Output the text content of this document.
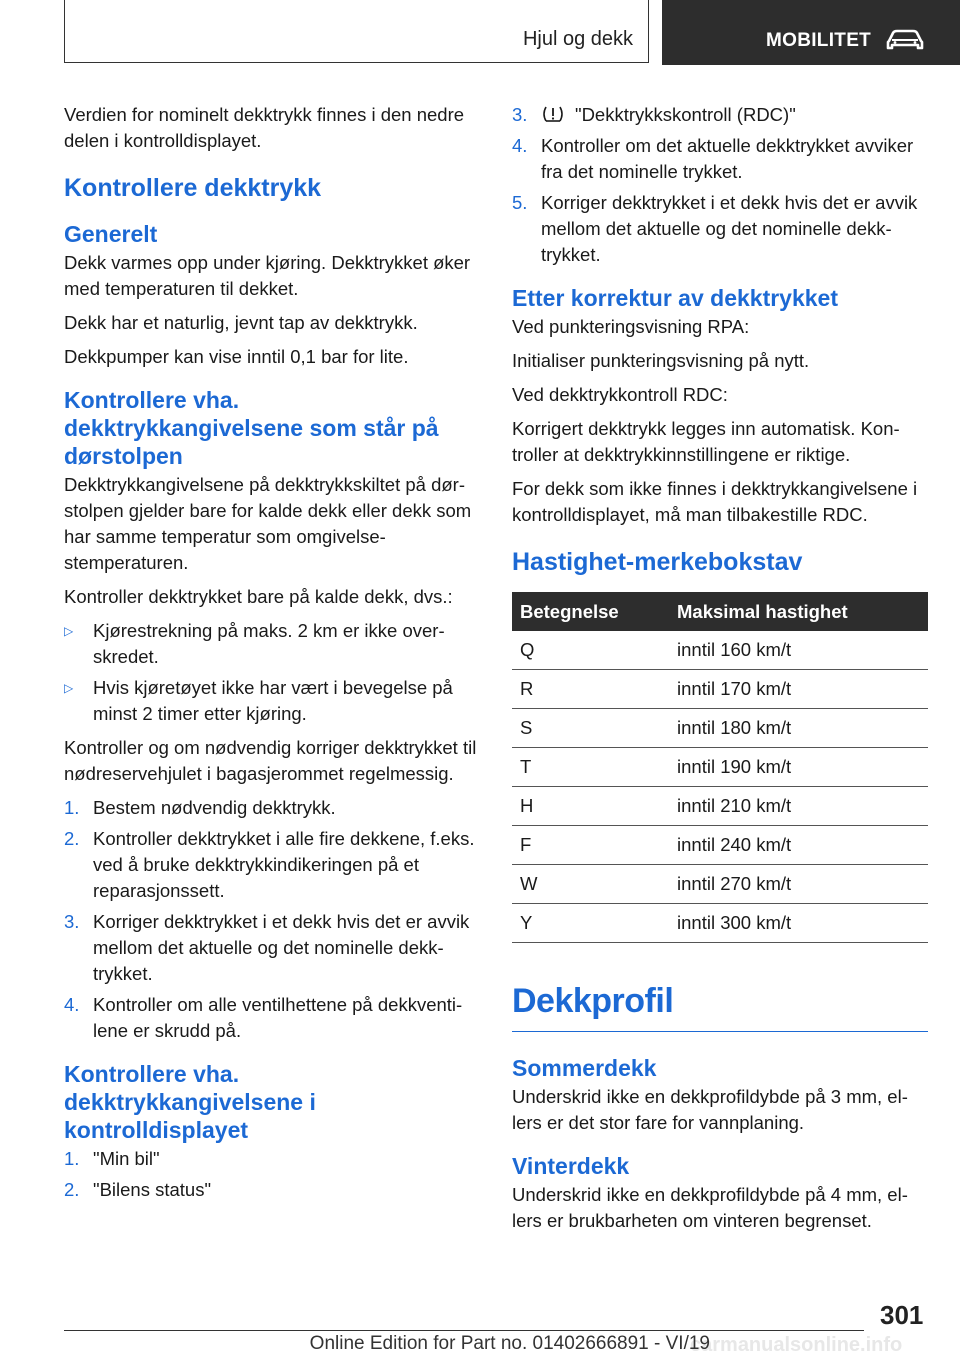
Hjul og dekk	MOBILITET

Verdien for nominelt dekktrykk finnes i den nedre delen i kontrolldisplayet.

Kontrollere dekktrykk
Generelt

Dekk varmes opp under kjøring. Dekktrykket øker med temperaturen til dekket.

Dekk har et naturlig, jevnt tap av dekktrykk.

Dekkpumper kan vise inntil 0,1 bar for lite.

Kontrollere vha. dekktrykkangivelsene som står på dørstolpen

Dekktrykkangivelsene på dekktrykkskiltet på dørstolpen gjelder bare for kalde dekk eller dekk som har samme temperatur som omgivelsestemperaturen.

Kontroller dekktrykket bare på kalde dekk, dvs.:

▷	Kjørestrekning på maks. 2 km er ikke overskredet.
▷	Hvis kjøretøyet ikke har vært i bevegelse på minst 2 timer etter kjøring.

Kontroller og om nødvendig korriger dekktrykket til nødreservehjulet i bagasjerommet regelmessig.

1. Bestem nødvendig dekktrykk.
2. Kontroller dekktrykket i alle fire dekkene, f.eks. ved å bruke dekktrykkindikeringen på et reparasjonssett.
3. Korriger dekktrykket i et dekk hvis det er avvik mellom det aktuelle og det nominelle dekktrykket.
4. Kontroller om alle ventilhettene på dekkventilene er skrudd på.
Kontrollere vha. dekktrykkangivelsene i kontrolldisplayet
1. "Min bil"
2. "Bilens status"
3.	"Dekktrykkskontroll (RDC)"
4. Kontroller om det aktuelle dekktrykket avviker fra det nominelle trykket.
5. Korriger dekktrykket i et dekk hvis det er avvik mellom det aktuelle og det nominelle dekktrykket.
Etter korrektur av dekktrykket

Ved punkteringsvisning RPA:

Initialiser punkteringsvisning på nytt.

Ved dekktrykkontroll RDC:

Korrigert dekktrykk legges inn automatisk. Kontroller at dekktrykkinnstillingene er riktige.

For dekk som ikke finnes i dekktrykkangivelsene i kontrolldisplayet, må man tilbakestille RDC.

Hastighet-merkebokstav
Betegnelse	Maksimal hastighet
Q	inntil 160 km/t
R	inntil 170 km/t
S	inntil 180 km/t
T	inntil 190 km/t
H	inntil 210 km/t
F	inntil 240 km/t
W	inntil 270 km/t
Y	inntil 300 km/t
Dekkprofil
Sommerdekk

Underskrid ikke en dekkprofildybde på 3 mm, ellers er det stor fare for vannplaning.

Vinterdekk

Underskrid ikke en dekkprofildybde på 4 mm, ellers er brukbarheten om vinteren begrenset.

301
carmanualsonline.info
Online Edition for Part no. 01402666891 - VI/19
